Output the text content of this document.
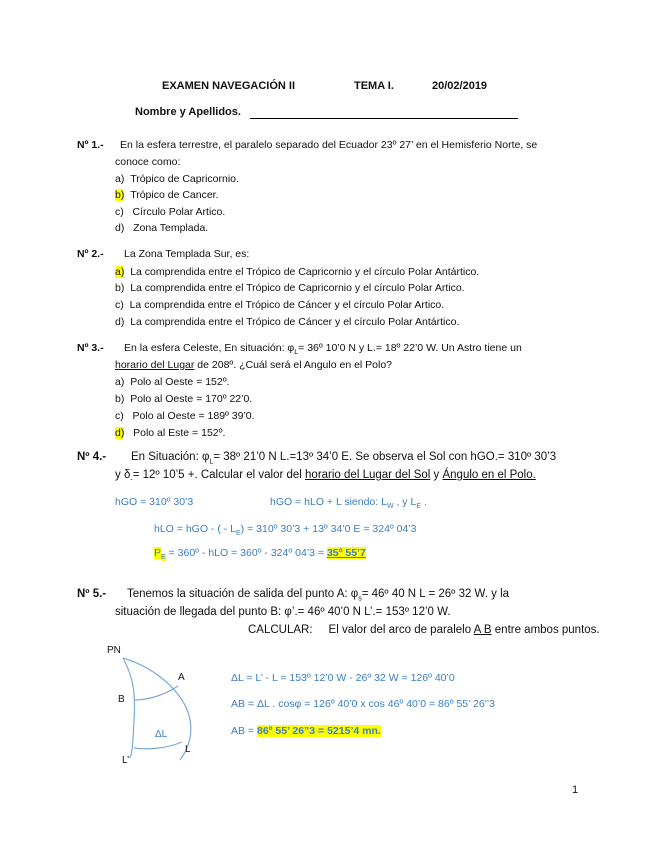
EXAMEN NAVEGACIÓN II	TEMA I.	20/02/2019
Nombre y Apellidos.
Nº 1.- En la esfera terrestre, el paralelo separado del Ecuador 23º 27’ en el Hemisferio Norte, se
conoce como:
a) Trópico de Capricornio.
b) Trópico de Cancer.
c) Círculo Polar Artico.
d) Zona Templada.
Nº 2.- La Zona Templada Sur, es:
a) La comprendida entre el Trópico de Capricornio y el círculo Polar Antártico.
b) La comprendida entre el Trópico de Capricornio y el círculo Polar Artico.
c) La comprendida entre el Trópico de Cáncer y el círculo Polar Artico.
d) La comprendida entre el Trópico de Cáncer y el círculo Polar Antártico.
Nº 3.- En la esfera Celeste, En situación: $\varphi_L=$ 36º 10’0 N y L.= 18º 22’0 W. Un Astro tiene un
horario del Lugar de 208º. ¿Cuál será el Angulo en el Polo?
a) Polo al Oeste = 152º.
b) Polo al Oeste = 170º 22’0.
c) Polo al Oeste = 189º 39’0.
d) Polo al Este = 152º.
Nº 4.- En Situación: $\varphi_L=$ 38º 21’0 N L.=13º 34’0 E. Se observa el Sol con hGO.= 310º 30’3
y $\delta_-=$ 12º 10’5 +. Calcular el valor del horario del Lugar del Sol y Ángulo en el Polo.
hGO = 310º 30’3	hGO = hLO + L siendo: $L_W$ , y $L_E$ .
hLO = hGO - ( - $L_E$) = 310º 30’3 + 13º 34’0 E = 324º 04’3
$P_E$ = 360º - hLO = 360º - 324º 04’3 = 35º 55’7
Nº 5.- Tenemos la situación de salida del punto A: $\varphi_s=$ 46º 40 N L = 26º 32 W. y la
situación de llegada del punto B: φ’.= 46º 40’0 N L’.= 153º 12’0 W.
CALCULAR: El valor del arco de paralelo A B entre ambos puntos.
PN
A
B
ΔL
L
L’
ΔL = L’ - L = 153º 12’0 W - 26º 32 W = 126º 40’0
AB = ΔL . cosφ = 126º 40’0 x cos 46º 40’0 = 86º 55’ 26’’3
AB = 86º 55’ 26”3 = 5215’4 mn.
1
